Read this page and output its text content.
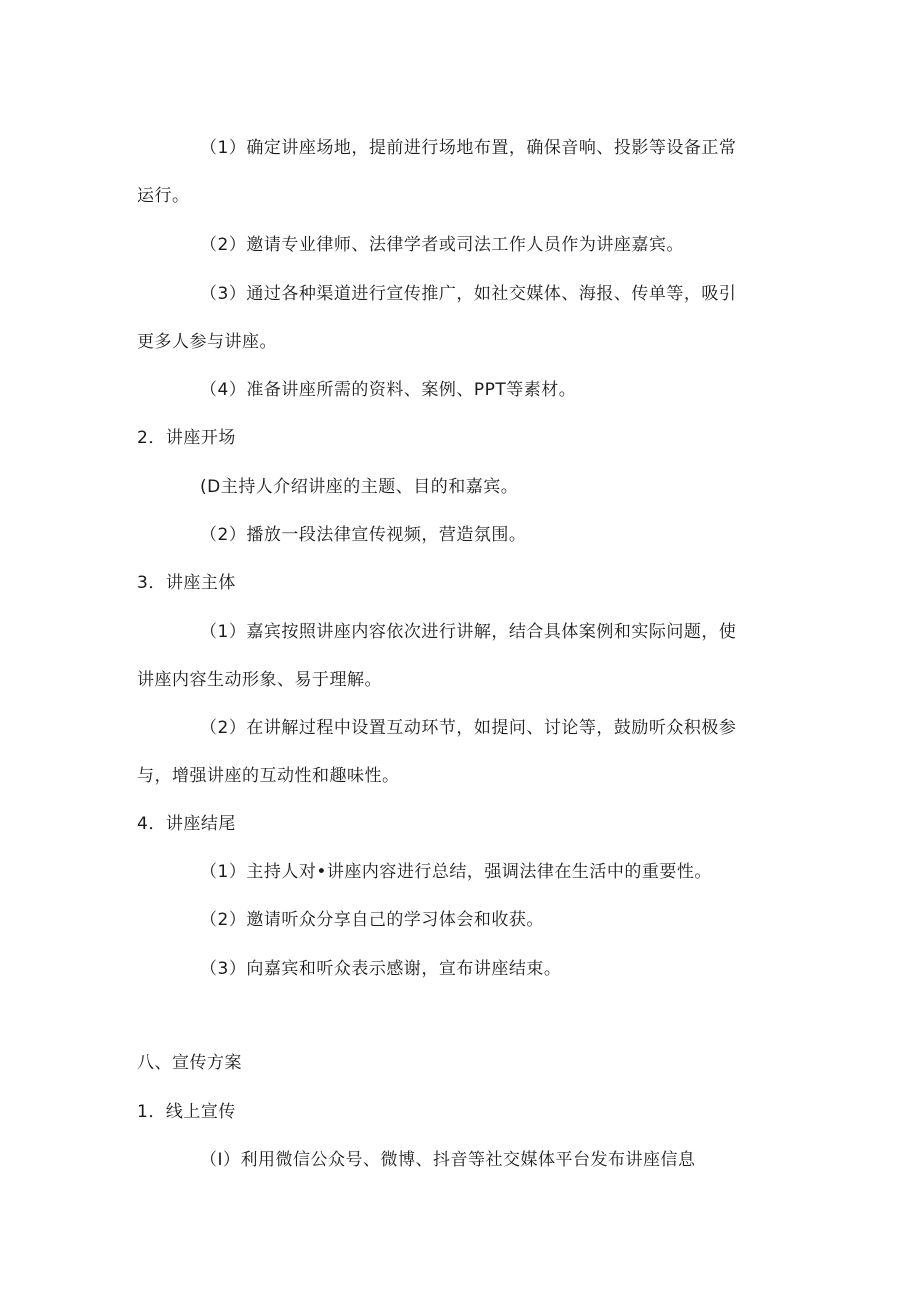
（1）确定讲座场地，提前进行场地布置，确保音响、投影等设备正常
运行。
（2）邀请专业律师、法律学者或司法工作人员作为讲座嘉宾。
（3）通过各种渠道进行宣传推广，如社交媒体、海报、传单等，吸引
更多人参与讲座。
（4）准备讲座所需的资料、案例、PPT等素材。
2．讲座开场
(D主持人介绍讲座的主题、目的和嘉宾。
（2）播放一段法律宣传视频，营造氛围。
3．讲座主体
（1）嘉宾按照讲座内容依次进行讲解，结合具体案例和实际问题，使
讲座内容生动形象、易于理解。
（2）在讲解过程中设置互动环节，如提问、讨论等，鼓励听众积极参
与，增强讲座的互动性和趣味性。
4．讲座结尾
（1）主持人对•讲座内容进行总结，强调法律在生活中的重要性。
（2）邀请听众分享自己的学习体会和收获。
（3）向嘉宾和听众表示感谢，宣布讲座结束。
八、宣传方案
1．线上宣传
（I）利用微信公众号、微博、抖音等社交媒体平台发布讲座信息
